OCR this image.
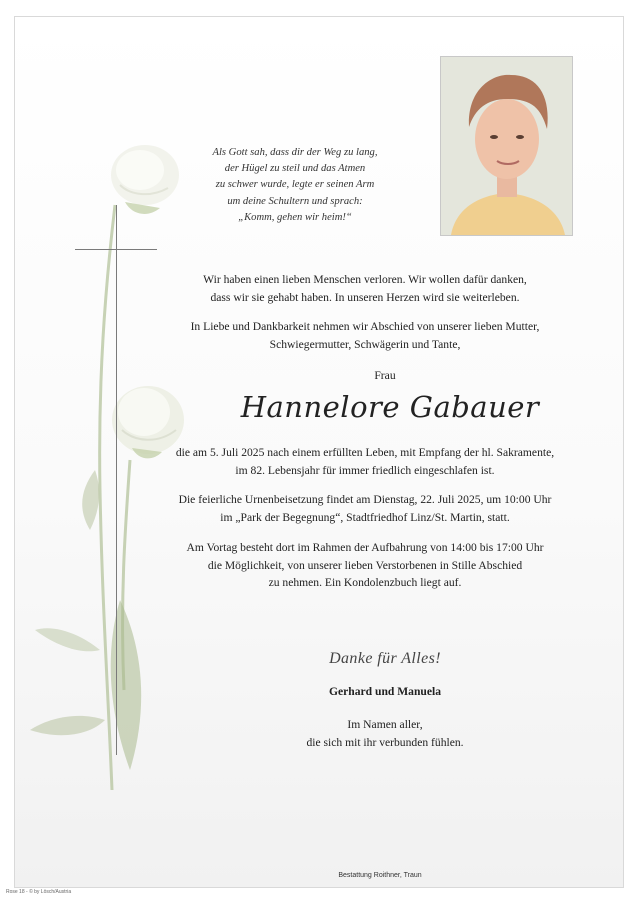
Als Gott sah, dass dir der Weg zu lang,
der Hügel zu steil und das Atmen
zu schwer wurde, legte er seinen Arm
um deine Schultern und sprach:
„Komm, gehen wir heim!“
Wir haben einen lieben Menschen verloren. Wir wollen dafür danken,
dass wir sie gehabt haben. In unseren Herzen wird sie weiterleben.
In Liebe und Dankbarkeit nehmen wir Abschied von unserer lieben Mutter,
Schwiegermutter, Schwägerin und Tante,
Frau
Hannelore Gabauer
die am 5. Juli 2025 nach einem erfüllten Leben, mit Empfang der hl. Sakramente,
im 82. Lebensjahr für immer friedlich eingeschlafen ist.
Die feierliche Urnenbeisetzung findet am Dienstag, 22. Juli 2025, um 10:00 Uhr
im „Park der Begegnung“, Stadtfriedhof Linz/St. Martin, statt.
Am Vortag besteht dort im Rahmen der Aufbahrung von 14:00 bis 17:00 Uhr
die Möglichkeit, von unserer lieben Verstorbenen in Stille Abschied
zu nehmen. Ein Kondolenzbuch liegt auf.
Danke für Alles!
Gerhard und Manuela
Im Namen aller,
die sich mit ihr verbunden fühlen.
Bestattung Roithner, Traun
Rose 18 - © by Lösch/Austria
